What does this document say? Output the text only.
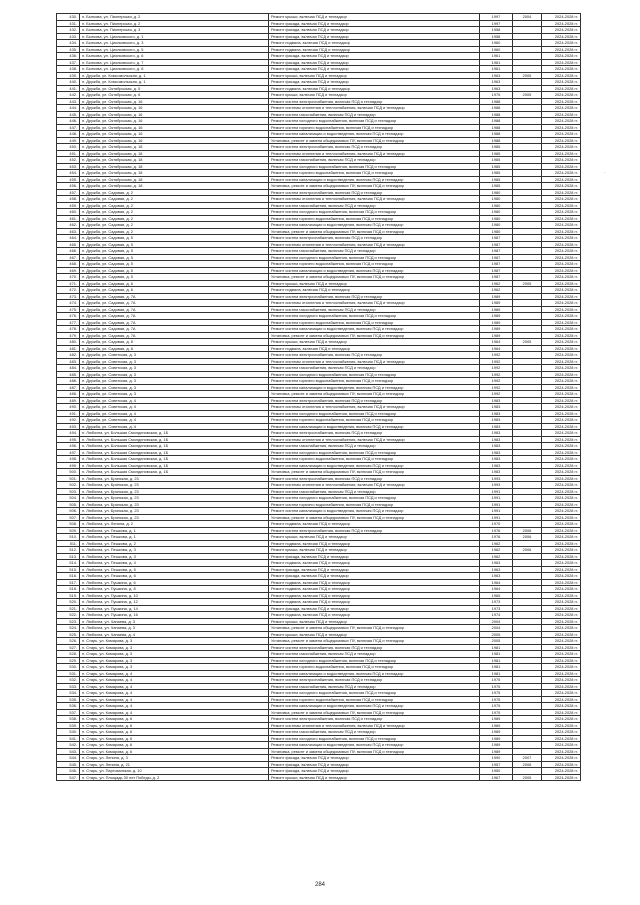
430.	п. Быткова, ул. Пионерская, д. 2	Ремонт крыши, включая ПСД и технадзор	1997	2004	2024-2028 гг.
431.	п. Быткова, ул. Пионерская, д. 2	Ремонт фасада, включая ПСД и технадзор	1997		2024-2028 гг.
432.	п. Быткова, ул. Пионерская, д. 3	Ремонт фасада, включая ПСД и технадзор	1958		2024-2028 гг.
433.	п. Быткова, ул. Циолковского, д. 1	Ремонт фасада, включая ПСД и технадзор	1958		2024-2028 гг.
434.	п. Быткова, ул. Циолковского, д. 3	Ремонт подвала, включая ПСД и технадзор	1960		2024-2028 гг.
435.	п. Быткова, ул. Циолковского, д. 5	Ремонт подвала, включая ПСД и технадзор	1960		2024-2028 гг.
436.	п. Быткова, ул. Циолковского, д. 6	Ремонт фасада, включая ПСД и технадзор	1961		2024-2028 гг.
437.	п. Быткова, ул. Циолковского, д. 7	Ремонт фасада, включая ПСД и технадзор	1961		2024-2028 гг.
438.	п. Быткова, ул. Циолковского, д. 8	Ремонт фасада, включая ПСД и технадзор	1961		2024-2028 гг.
439.	п. Дружба, ул. Комсомольская, д. 1	Ремонт крыши, включая ПСД и технадзор	1963	2005	2024-2028 гг.
440.	п. Дружба, ул. Комсомольская, д. 1	Ремонт фасада, включая ПСД и технадзор	1963		2024-2028 гг.
441.	п. Дружба, ул. Октябрьская, д. 5	Ремонт подвала, включая ПСД и технадзор	1963		2024-2028 гг.
442.	п. Дружба, ул. Октябрьская, д. 6	Ремонт крыши, включая ПСД и технадзор	1975	2005	2024-2028 гг.
443.	п. Дружба, ул. Октябрьская, д. 16	Ремонт систем электроснабжения, включая ПСД и технадзор	1988		2024-2028 гг.
444.	п. Дружба, ул. Октябрьская, д. 16	Ремонт системы отопления и теплоснабжения, включая ПСД и технадзор	1988		2024-2028 гг.
445.	п. Дружба, ул. Октябрьская, д. 16	Ремонт систем газоснабжения, включая ПСД и технадзор	1988		2024-2028 гг.
446.	п. Дружба, ул. Октябрьская, д. 16	Ремонт систем холодного водоснабжения, включая ПСД и технадзор	1988		2024-2028 гг.
447.	п. Дружба, ул. Октябрьская, д. 16	Ремонт систем горячего водоснабжения, включая ПСД и технадзор	1988		2024-2028 гг.
448.	п. Дружба, ул. Октябрьская, д. 16	Ремонт систем канализации и водоотведения, включая ПСД и технадзор	1988		2024-2028 гг.
449.	п. Дружба, ул. Октябрьская, д. 16	Установка, ремонт и замена общедомовых ПУ, включая ПСД и технадзор	1988		2024-2028 гг.
450.	п. Дружба, ул. Октябрьская, д. 18	Ремонт систем электроснабжения, включая ПСД и технадзор	1985		2024-2028 гг.
451.	п. Дружба, ул. Октябрьская, д. 18	Ремонт системы отопления и теплоснабжения, включая ПСД и технадзор	1985		2024-2028 гг.
452.	п. Дружба, ул. Октябрьская, д. 18	Ремонт систем газоснабжения, включая ПСД и технадзор	1985		2024-2028 гг.
453.	п. Дружба, ул. Октябрьская, д. 18	Ремонт систем холодного водоснабжения, включая ПСД и технадзор	1985		2024-2028 гг.
454.	п. Дружба, ул. Октябрьская, д. 18	Ремонт систем горячего водоснабжения, включая ПСД и технадзор	1985		2024-2028 гг.
455.	п. Дружба, ул. Октябрьская, д. 18	Ремонт систем канализации и водоотведения, включая ПСД и технадзор	1985		2024-2028 гг.
456.	п. Дружба, ул. Октябрьская, д. 18	Установка, ремонт и замена общедомовых ПУ, включая ПСД и технадзор	1985		2024-2028 гг.
457.	п. Дружба, ул. Садовая, д. 2	Ремонт систем электроснабжения, включая ПСД и технадзор	1980		2024-2028 гг.
458.	п. Дружба, ул. Садовая, д. 2	Ремонт системы отопления и теплоснабжения, включая ПСД и технадзор	1980		2024-2028 гг.
459.	п. Дружба, ул. Садовая, д. 2	Ремонт систем газоснабжения, включая ПСД и технадзор	1980		2024-2028 гг.
460.	п. Дружба, ул. Садовая, д. 2	Ремонт систем холодного водоснабжения, включая ПСД и технадзор	1980		2024-2028 гг.
461.	п. Дружба, ул. Садовая, д. 2	Ремонт систем горячего водоснабжения, включая ПСД и технадзор	1980		2024-2028 гг.
462.	п. Дружба, ул. Садовая, д. 2	Ремонт систем канализации и водоотведения, включая ПСД и технадзор	1980		2024-2028 гг.
463.	п. Дружба, ул. Садовая, д. 2	Установка, ремонт и замена общедомовых ПУ, включая ПСД и технадзор	1980		2024-2028 гг.
464.	п. Дружба, ул. Садовая, д. 5	Ремонт систем электроснабжения, включая ПСД и технадзор	1987		2024-2028 гг.
465.	п. Дружба, ул. Садовая, д. 5	Ремонт системы отопления и теплоснабжения, включая ПСД и технадзор	1987		2024-2028 гг.
466.	п. Дружба, ул. Садовая, д. 5	Ремонт систем газоснабжения, включая ПСД и технадзор	1987		2024-2028 гг.
467.	п. Дружба, ул. Садовая, д. 5	Ремонт систем холодного водоснабжения, включая ПСД и технадзор	1987		2024-2028 гг.
468.	п. Дружба, ул. Садовая, д. 5	Ремонт систем горячего водоснабжения, включая ПСД и технадзор	1987		2024-2028 гг.
469.	п. Дружба, ул. Садовая, д. 5	Ремонт систем канализации и водоотведения, включая ПСД и технадзор	1987		2024-2028 гг.
470.	п. Дружба, ул. Садовая, д. 5	Установка, ремонт и замена общедомовых ПУ, включая ПСД и технадзор	1987		2024-2028 гг.
471.	п. Дружба, ул. Садовая, д. 6	Ремонт крыши, включая ПСД и технадзор	1962	2005	2024-2028 гг.
472.	п. Дружба, ул. Садовая, д. 6	Ремонт подвала, включая ПСД и технадзор	1962		2024-2028 гг.
473.	п. Дружба, ул. Садовая, д. 7А	Ремонт систем электроснабжения, включая ПСД и технадзор	1989		2024-2028 гг.
474.	п. Дружба, ул. Садовая, д. 7А	Ремонт системы отопления и теплоснабжения, включая ПСД и технадзор	1989		2024-2028 гг.
475.	п. Дружба, ул. Садовая, д. 7А	Ремонт систем газоснабжения, включая ПСД и технадзор	1989		2024-2028 гг.
476.	п. Дружба, ул. Садовая, д. 7А	Ремонт систем холодного водоснабжения, включая ПСД и технадзор	1989		2024-2028 гг.
477.	п. Дружба, ул. Садовая, д. 7А	Ремонт систем горячего водоснабжения, включая ПСД и технадзор	1989		2024-2028 гг.
478.	п. Дружба, ул. Садовая, д. 7А	Ремонт систем канализации и водоотведения, включая ПСД и технадзор	1989		2024-2028 гг.
479.	п. Дружба, ул. Садовая, д. 7А	Установка, ремонт и замена общедомовых ПУ, включая ПСД и технадзор	1989		2024-2028 гг.
480.	п. Дружба, ул. Садовая, д. 8	Ремонт крыши, включая ПСД и технадзор	1964	2005	2024-2028 гг.
481.	п. Дружба, ул. Садовая, д. 8	Ремонт подвала, включая ПСД и технадзор	1964		2024-2028 гг.
482.	п. Дружба, ул. Советская, д. 3	Ремонт систем электроснабжения, включая ПСД и технадзор	1992		2024-2028 гг.
483.	п. Дружба, ул. Советская, д. 3	Ремонт системы отопления и теплоснабжения, включая ПСД и технадзор	1992		2024-2028 гг.
484.	п. Дружба, ул. Советская, д. 3	Ремонт систем газоснабжения, включая ПСД и технадзор	1992		2024-2028 гг.
485.	п. Дружба, ул. Советская, д. 3	Ремонт систем холодного водоснабжения, включая ПСД и технадзор	1992		2024-2028 гг.
486.	п. Дружба, ул. Советская, д. 3	Ремонт систем горячего водоснабжения, включая ПСД и технадзор	1992		2024-2028 гг.
487.	п. Дружба, ул. Советская, д. 3	Ремонт систем канализации и водоотведения, включая ПСД и технадзор	1992		2024-2028 гг.
488.	п. Дружба, ул. Советская, д. 3	Установка, ремонт и замена общедомовых ПУ, включая ПСД и технадзор	1992		2024-2028 гг.
489.	п. Дружба, ул. Советская, д. 4	Ремонт систем электроснабжения, включая ПСД и технадзор	1983		2024-2028 гг.
490.	п. Дружба, ул. Советская, д. 4	Ремонт системы отопления и теплоснабжения, включая ПСД и технадзор	1983		2024-2028 гг.
491.	п. Дружба, ул. Советская, д. 4	Ремонт систем холодного водоснабжения, включая ПСД и технадзор	1983		2024-2028 гг.
492.	п. Дружба, ул. Советская, д. 4	Ремонт систем горячего водоснабжения, включая ПСД и технадзор	1983		2024-2028 гг.
493.	п. Дружба, ул. Советская, д. 4	Ремонт систем канализации и водоотведения, включая ПСД и технадзор	1983		2024-2028 гг.
494.	п. Любохна, ул. Большая Смолдиновская, д. 1Б	Ремонт систем электроснабжения, включая ПСД и технадзор	1983		2024-2028 гг.
495.	п. Любохна, ул. Большая Смолдиновская, д. 1Б	Ремонт системы отопления и теплоснабжения, включая ПСД и технадзор	1983		2024-2028 гг.
496.	п. Любохна, ул. Большая Смолдиновская, д. 1Б	Ремонт систем газоснабжения, включая ПСД и технадзор	1983		2024-2028 гг.
497.	п. Любохна, ул. Большая Смолдиновская, д. 1Б	Ремонт систем холодного водоснабжения, включая ПСД и технадзор	1983		2024-2028 гг.
498.	п. Любохна, ул. Большая Смолдиновская, д. 1Б	Ремонт систем горячего водоснабжения, включая ПСД и технадзор	1983		2024-2028 гг.
499.	п. Любохна, ул. Большая Смолдиновская, д. 1Б	Ремонт систем канализации и водоотведения, включая ПСД и технадзор	1983		2024-2028 гг.
500.	п. Любохна, ул. Большая Смолдиновская, д. 1Б	Установка, ремонт и замена общедомовых ПУ, включая ПСД и технадзор	1983		2024-2028 гг.
501.	п. Любохна, ул. Брянская, д. 23	Ремонт систем электроснабжения, включая ПСД и технадзор	1993		2024-2028 гг.
502.	п. Любохна, ул. Брянская, д. 23	Ремонт системы отопления и теплоснабжения, включая ПСД и технадзор	1993		2024-2028 гг.
503.	п. Любохна, ул. Брянская, д. 23	Ремонт систем газоснабжения, включая ПСД и технадзор	1991		2024-2028 гг.
504.	п. Любохна, ул. Брянская, д. 23	Ремонт систем холодного водоснабжения, включая ПСД и технадзор	1991		2024-2028 гг.
505.	п. Любохна, ул. Брянская, д. 23	Ремонт систем горячего водоснабжения, включая ПСД и технадзор	1991		2024-2028 гг.
506.	п. Любохна, ул. Брянская, д. 23	Ремонт систем канализации и водоотведения, включая ПСД и технадзор	1991		2024-2028 гг.
507.	п. Любохна, ул. Брянская, д. 23	Установка, ремонт и замена общедомовых ПУ, включая ПСД и технадзор	1991		2024-2028 гг.
508.	п. Любохна, ул. Ленина, д. 2	Ремонт подвала, включая ПСД и технадзор	1970		2024-2028 гг.
509.	п. Любохна, ул. Пешкова, д. 1	Ремонт систем электроснабжения, включая ПСД и технадзор	1976	2006	2024-2028 гг.
510.	п. Любохна, ул. Пешкова, д. 1	Ремонт крыши, включая ПСД и технадзор	1976	2006	2024-2028 гг.
511.	п. Любохна, ул. Пешкова, д. 2	Ремонт подвала, включая ПСД и технадзор	1962		2024-2028 гг.
512.	п. Любохна, ул. Пешкова, д. 3	Ремонт крыши, включая ПСД и технадзор	1962	2006	2024-2028 гг.
513.	п. Любохна, ул. Пешкова, д. 3	Ремонт фасада, включая ПСД и технадзор	1962		2024-2028 гг.
514.	п. Любохна, ул. Пешкова, д. 4	Ремонт подвала, включая ПСД и технадзор	1963		2024-2028 гг.
515.	п. Любохна, ул. Пешкова, д. 5	Ремонт фасада, включая ПСД и технадзор	1963		2024-2028 гг.
516.	п. Любохна, ул. Пешкова, д. 6	Ремонт фасада, включая ПСД и технадзор	1963		2024-2028 гг.
517.	п. Любохна, ул. Пушкина, д. 6	Ремонт подвала, включая ПСД и технадзор	1964		2024-2028 гг.
518.	п. Любохна, ул. Пушкина, д. 8	Ремонт подвала, включая ПСД и технадзор	1964		2024-2028 гг.
519.	п. Любохна, ул. Пушкина, д. 10	Ремонт подвала, включая ПСД и технадзор	1965		2024-2028 гг.
520.	п. Любохна, ул. Пушкина, д. 12	Ремонт подвала, включая ПСД и технадзор	1973		2024-2028 гг.
521.	п. Любохна, ул. Пушкина, д. 14	Ремонт фасада, включая ПСД и технадзор	1973		2024-2028 гг.
522.	п. Любохна, ул. Пушкина, д. 16	Ремонт подвала, включая ПСД и технадзор	1974		2024-2028 гг.
523.	п. Любохна, ул. Чапаева, д. 3	Ремонт крыши, включая ПСД и технадзор	2004		2024-2028 гг.
524.	п. Любохна, ул. Чапаева, д. 3	Установка, ремонт и замена общедомовых ПУ, включая ПСД и технадзор	2004		2024-2028 гг.
525.	п. Любохна, ул. Чапаева, д. 4	Ремонт крыши, включая ПСД и технадзор	2005		2024-2028 гг.
526.	п. Старь, ул. Комарова, д. 3	Установка, ремонт и замена общедомовых ПУ, включая ПСД и технадзор	2005		2024-2028 гг.
527.	п. Старь, ул. Комарова, д. 3	Ремонт систем электроснабжения, включая ПСД и технадзор	1981		2024-2028 гг.
528.	п. Старь, ул. Комарова, д. 3	Ремонт систем газоснабжения, включая ПСД и технадзор	1981		2024-2028 гг.
529.	п. Старь, ул. Комарова, д. 3	Ремонт систем холодного водоснабжения, включая ПСД и технадзор	1981		2024-2028 гг.
530.	п. Старь, ул. Комарова, д. 3	Ремонт систем горячего водоснабжения, включая ПСД и технадзор	1981		2024-2028 гг.
531.	п. Старь, ул. Комарова, д. 4	Ремонт систем канализации и водоотведения, включая ПСД и технадзор	1981		2024-2028 гг.
532.	п. Старь, ул. Комарова, д. 4	Ремонт систем электроснабжения, включая ПСД и технадзор	1975		2024-2028 гг.
533.	п. Старь, ул. Комарова, д. 4	Ремонт систем газоснабжения, включая ПСД и технадзор	1975		2024-2028 гг.
534.	п. Старь, ул. Комарова, д. 4	Ремонт систем холодного водоснабжения, включая ПСД и технадзор	1975		2024-2028 гг.
535.	п. Старь, ул. Комарова, д. 4	Ремонт систем горячего водоснабжения, включая ПСД и технадзор	1975		2024-2028 гг.
536.	п. Старь, ул. Комарова, д. 4	Ремонт систем канализации и водоотведения, включая ПСД и технадзор	1975		2024-2028 гг.
537.	п. Старь, ул. Комарова, д. 4	Установка, ремонт и замена общедомовых ПУ, включая ПСД и технадзор	1975		2024-2028 гг.
538.	п. Старь, ул. Комарова, д. 6	Ремонт систем электроснабжения, включая ПСД и технадзор	1989		2024-2028 гг.
539.	п. Старь, ул. Комарова, д. 6	Ремонт системы отопления и теплоснабжения, включая ПСД и технадзор	1989		2024-2028 гг.
540.	п. Старь, ул. Комарова, д. 6	Ремонт систем газоснабжения, включая ПСД и технадзор	1989		2024-2028 гг.
541.	п. Старь, ул. Комарова, д. 6	Ремонт систем холодного водоснабжения, включая ПСД и технадзор	1989		2024-2028 гг.
542.	п. Старь, ул. Комарова, д. 6	Ремонт систем канализации и водоотведения, включая ПСД и технадзор	1989		2024-2028 гг.
543.	п. Старь, ул. Комарова, д. 6	Установка, ремонт и замена общедомовых ПУ, включая ПСД и технадзор	1989		2024-2028 гг.
544.	п. Старь, ул. Ленина, д. 3	Ремонт фасада, включая ПСД и технадзор	1990	2007	2024-2028 гг.
545.	п. Старь, ул. Ленина, д. 21	Ремонт фасада, включая ПСД и технадзор	1957	2006	2024-2028 гг.
546.	п. Старь, ул. Партизанская, д. 10	Ремонт фасада, включая ПСД и технадзор	1950		2024-2028 гг.
547.	п. Старь, ул. Площадь 30 лет Победы, д. 2	Ремонт крыши, включая ПСД и технадзор	1967	2005	2024-2028 гг.
·
284
